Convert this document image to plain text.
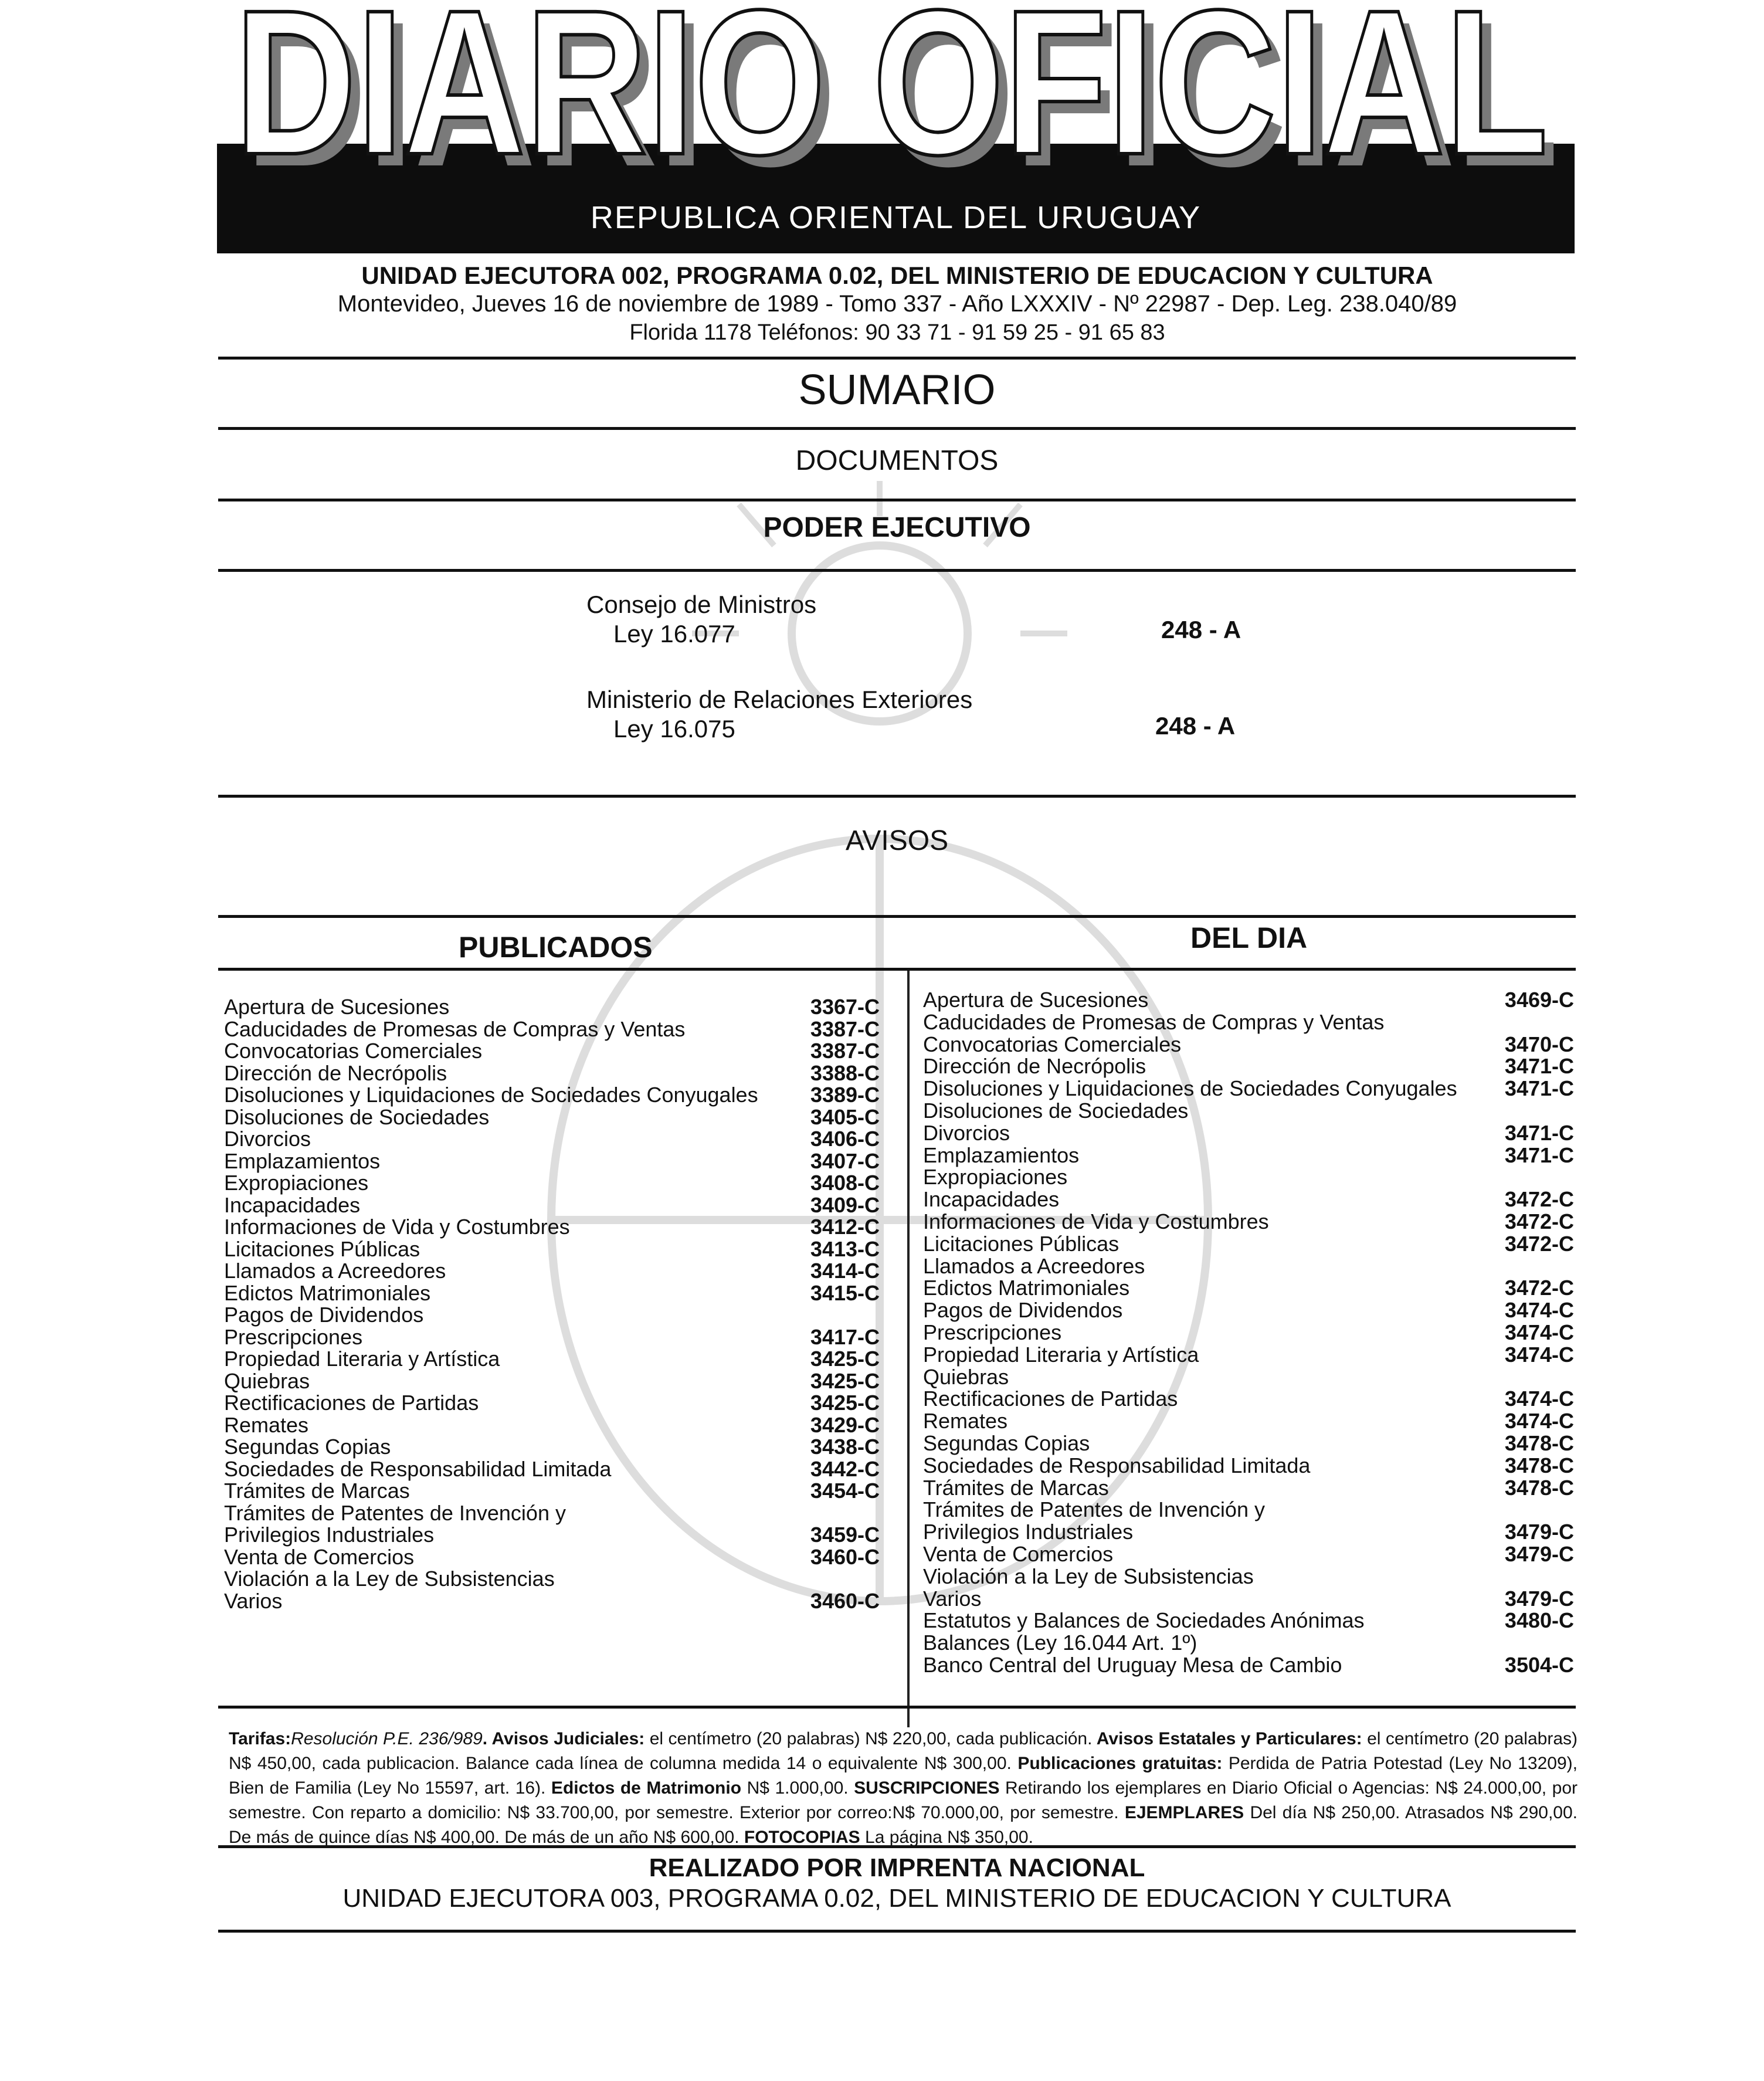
DIARIO OFICIAL
DIARIO OFICIAL
REPUBLICA ORIENTAL DEL URUGUAY
UNIDAD EJECUTORA 002, PROGRAMA 0.02, DEL MINISTERIO DE EDUCACION Y CULTURA
Montevideo, Jueves 16 de noviembre de 1989 - Tomo 337 - Año LXXXIV - Nº 22987 - Dep. Leg. 238.040/89
Florida 1178 Teléfonos: 90 33 71 - 91 59 25 - 91 65 83
SUMARIO
DOCUMENTOS
PODER EJECUTIVO
Consejo de Ministros
Ley 16.077	248 - A
Ministerio de Relaciones Exteriores
Ley 16.075	248 - A
AVISOS
PUBLICADOS	DEL DIA
Apertura de Sucesiones	3367-C
Caducidades de Promesas de Compras y Ventas	3387-C
Convocatorias Comerciales	3387-C
Dirección de Necrópolis	3388-C
Disoluciones y Liquidaciones de Sociedades Conyugales 3389-C
Disoluciones de Sociedades	3405-C
Divorcios	3406-C
Emplazamientos	3407-C
Expropiaciones	3408-C
Incapacidades	3409-C
Informaciones de Vida y Costumbres	3412-C
Licitaciones Públicas	3413-C
Llamados a Acreedores	3414-C
Edictos Matrimoniales	3415-C
Pagos de Dividendos
Prescripciones	3417-C
Propiedad Literaria y Artística	3425-C
Quiebras	3425-C
Rectificaciones de Partidas	3425-C
Remates	3429-C
Segundas Copias	3438-C
Sociedades de Responsabilidad Limitada	3442-C
Trámites de Marcas	3454-C
Trámites de Patentes de Invención y
Privilegios Industriales	3459-C
Venta de Comercios	3460-C
Violación a la Ley de Subsistencias
Varios	3460-C
Apertura de Sucesiones	3469-C
Caducidades de Promesas de Compras y Ventas
Convocatorias Comerciales	3470-C
Dirección de Necrópolis	3471-C
Disoluciones y Liquidaciones de Sociedades Conyugales 3471-C
Disoluciones de Sociedades
Divorcios	3471-C
Emplazamientos	3471-C
Expropiaciones
Incapacidades	3472-C
Informaciones de Vida y Costumbres	3472-C
Licitaciones Públicas	3472-C
Llamados a Acreedores
Edictos Matrimoniales	3472-C
Pagos de Dividendos	3474-C
Prescripciones	3474-C
Propiedad Literaria y Artística	3474-C
Quiebras
Rectificaciones de Partidas	3474-C
Remates	3474-C
Segundas Copias	3478-C
Sociedades de Responsabilidad Limitada	3478-C
Trámites de Marcas	3478-C
Trámites de Patentes de Invención y
Privilegios Industriales	3479-C
Venta de Comercios	3479-C
Violación a la Ley de Subsistencias
Varios	3479-C
Estatutos y Balances de Sociedades Anónimas	3480-C
Balances (Ley 16.044 Art. 1º)
Banco Central del Uruguay Mesa de Cambio	3504-C
Tarifas:Resolución P.E. 236/989. Avisos Judiciales: el centímetro (20 palabras) N$ 220,00, cada publicación. Avisos Estatales y Particulares: el centímetro (20 palabras) N$ 450,00, cada publicacion. Balance cada línea de columna medida 14 o equivalente N$ 300,00. Publicaciones gratuitas: Perdida de Patria Potestad (Ley No 13209), Bien de Familia (Ley No 15597, art. 16). Edictos de Matrimonio N$ 1.000,00. SUSCRIPCIONES Retirando los ejemplares en Diario Oficial o Agencias: N$ 24.000,00, por semestre. Con reparto a domicilio: N$ 33.700,00, por semestre. Exterior por correo:N$ 70.000,00, por semestre. EJEMPLARES Del día N$ 250,00. Atrasados N$ 290,00. De más de quince días N$ 400,00. De más de un año N$ 600,00. FOTOCOPIAS La página N$ 350,00.
REALIZADO POR IMPRENTA NACIONAL
UNIDAD EJECUTORA 003, PROGRAMA 0.02, DEL MINISTERIO DE EDUCACION Y CULTURA
